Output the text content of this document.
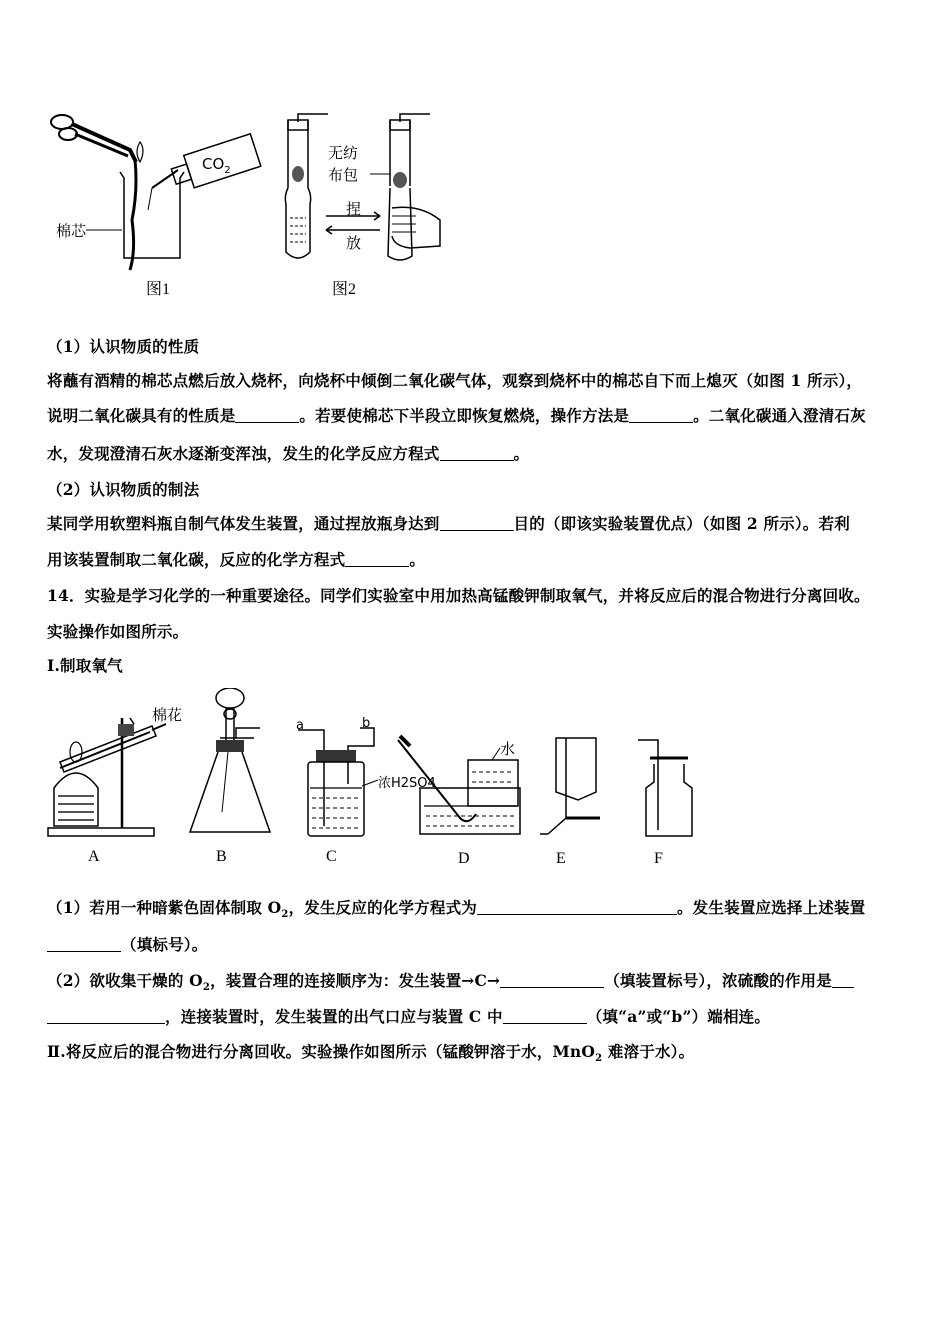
$CO_2$
棉芯
图1
无纺
布包
捏
放
图2
（1）认识物质的性质
将蘸有酒精的棉芯点燃后放入烧杯，向烧杯中倾倒二氧化碳气体，观察到烧杯中的棉芯自下而上熄灭（如图 1 所示），
说明二氧化碳具有的性质是	。若要使棉芯下半段立即恢复燃烧，操作方法是	。二氧化碳通入澄清石灰
水，发现澄清石灰水逐渐变浑浊，发生的化学反应方程式	。
（2）认识物质的制法
某同学用软塑料瓶自制气体发生装置，通过捏放瓶身达到	目的（即该实验装置优点）（如图 2 所示）。若利
用该装置制取二氧化碳，反应的化学方程式	。
14．实验是学习化学的一种重要途径。同学们实验室中用加热高锰酸钾制取氧气，并将反应后的混合物进行分离回收。
实验操作如图所示。
Ⅰ.制取氧气
棉花
a	b
浓H2SO4
水
A	B	C	D	E	F
（1）若用一种暗紫色固体制取 $O_2$，发生反应的化学方程式为	。发生装置应选择上述装置
（填标号）。
（2）欲收集干燥的 $O_2$，装置合理的连接顺序为：发生装置→C→	（填装置标号），浓硫酸的作用是
，连接装置时，发生装置的出气口应与装置 C 中	（填“a”或“b”）端相连。
Ⅱ.将反应后的混合物进行分离回收。实验操作如图所示（锰酸钾溶于水，MnO$_2$ 难溶于水）。
